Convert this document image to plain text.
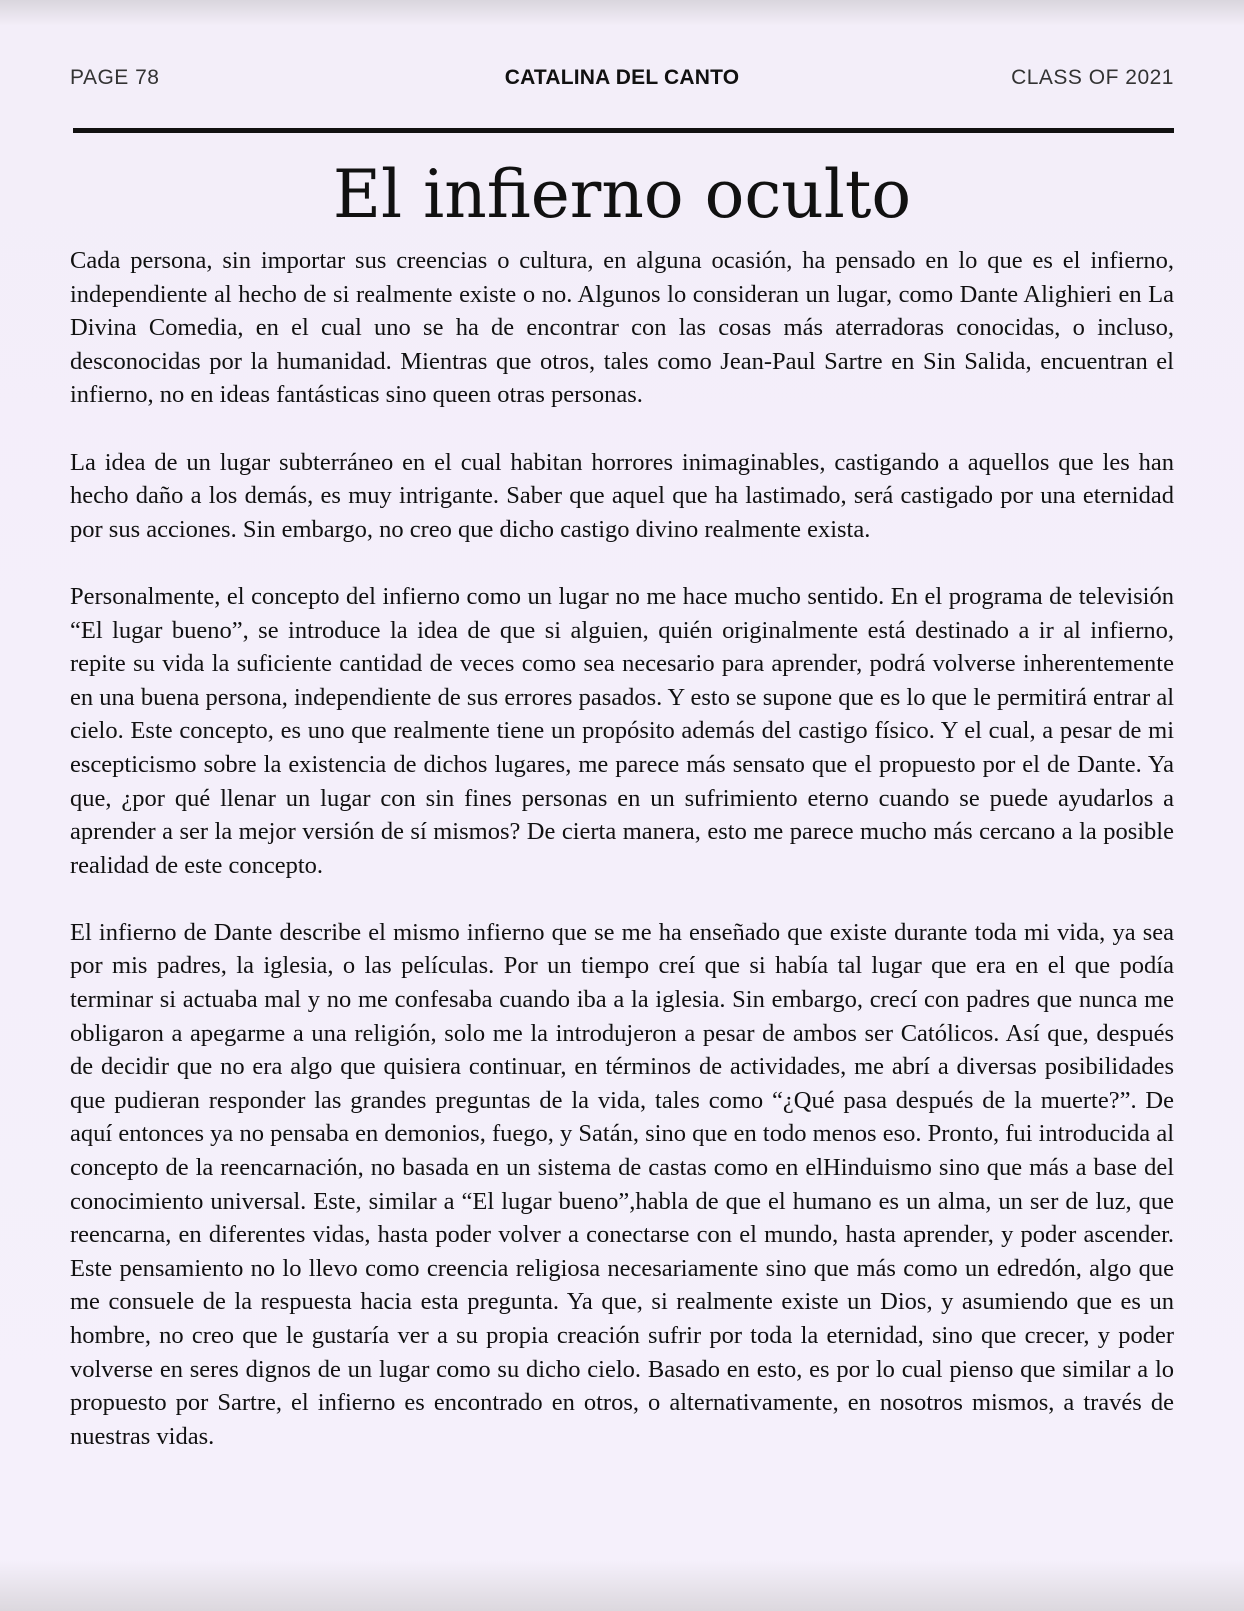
PAGE 78	CATALINA DEL CANTO	CLASS OF 2021
El infierno oculto

Cada persona, sin importar sus creencias o cultura, en alguna ocasión, ha pensado en lo que es el infierno, independiente al hecho de si realmente existe o no. Algunos lo consideran un lugar, como Dante Alighieri en La Divina Comedia, en el cual uno se ha de encontrar con las cosas más aterradoras conocidas, o incluso, desconocidas por la humanidad. Mientras que otros, tales como Jean-Paul Sartre en Sin Salida, encuentran el infierno, no en ideas fantásticas sino queen otras personas.

La idea de un lugar subterráneo en el cual habitan horrores inimaginables, castigando a aquellos que les han hecho daño a los demás, es muy intrigante. Saber que aquel que ha lastimado, será castigado por una eternidad por sus acciones. Sin embargo, no creo que dicho castigo divino realmente exista.

Personalmente, el concepto del infierno como un lugar no me hace mucho sentido. En el programa de televisión “El lugar bueno”, se introduce la idea de que si alguien, quién originalmente está destinado a ir al infierno, repite su vida la suficiente cantidad de veces como sea necesario para aprender, podrá volverse inherentemente en una buena persona, independiente de sus errores pasados. Y esto se supone que es lo que le permitirá entrar al cielo. Este concepto, es uno que realmente tiene un propósito además del castigo físico. Y el cual, a pesar de mi escepticismo sobre la existencia de dichos lugares, me parece más sensato que el propuesto por el de Dante. Ya que, ¿por qué llenar un lugar con sin fines personas en un sufrimiento eterno cuando se puede ayudarlos a aprender a ser la mejor versión de sí mismos? De cierta manera, esto me parece mucho más cercano a la posible realidad de este concepto.

El infierno de Dante describe el mismo infierno que se me ha enseñado que existe durante toda mi vida, ya sea por mis padres, la iglesia, o las películas. Por un tiempo creí que si había tal lugar que era en el que podía terminar si actuaba mal y no me confesaba cuando iba a la iglesia. Sin embargo, crecí con padres que nunca me obligaron a apegarme a una religión, solo me la introdujeron a pesar de ambos ser Católicos. Así que, después de decidir que no era algo que quisiera continuar, en términos de actividades, me abrí a diversas posibilidades que pudieran responder las grandes preguntas de la vida, tales como “¿Qué pasa después de la muerte?”. De aquí entonces ya no pensaba en demonios, fuego, y Satán, sino que en todo menos eso. Pronto, fui introducida al concepto de la reencarnación, no basada en un sistema de castas como en elHinduismo sino que más a base del conocimiento universal. Este, similar a “El lugar bueno”,habla de que el humano es un alma, un ser de luz, que reencarna, en diferentes vidas, hasta poder volver a conectarse con el mundo, hasta aprender, y poder ascender. Este pensamiento no lo llevo como creencia religiosa necesariamente sino que más como un edredón, algo que me consuele de la respuesta hacia esta pregunta. Ya que, si realmente existe un Dios, y asumiendo que es un hombre, no creo que le gustaría ver a su propia creación sufrir por toda la eternidad, sino que crecer, y poder volverse en seres dignos de un lugar como su dicho cielo. Basado en esto, es por lo cual pienso que similar a lo propuesto por Sartre, el infierno es encontrado en otros, o alternativamente, en nosotros mismos, a través de nuestras vidas.
